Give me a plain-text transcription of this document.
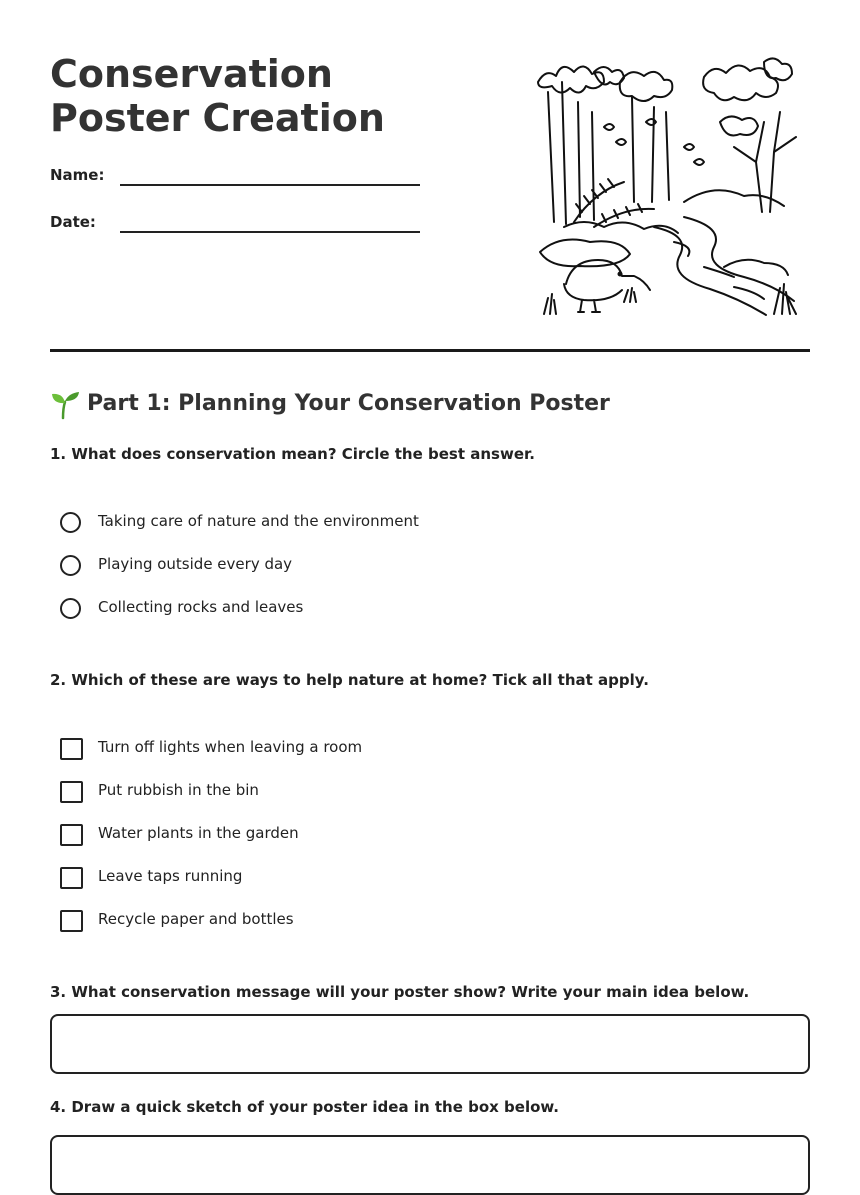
Conservation Poster Creation
Name:
Date:
Part 1: Planning Your Conservation Poster
1. What does conservation mean? Circle the best answer.
Taking care of nature and the environment
Playing outside every day
Collecting rocks and leaves
2. Which of these are ways to help nature at home? Tick all that apply.
Turn off lights when leaving a room
Put rubbish in the bin
Water plants in the garden
Leave taps running
Recycle paper and bottles
3. What conservation message will your poster show? Write your main idea below.
4. Draw a quick sketch of your poster idea in the box below.
